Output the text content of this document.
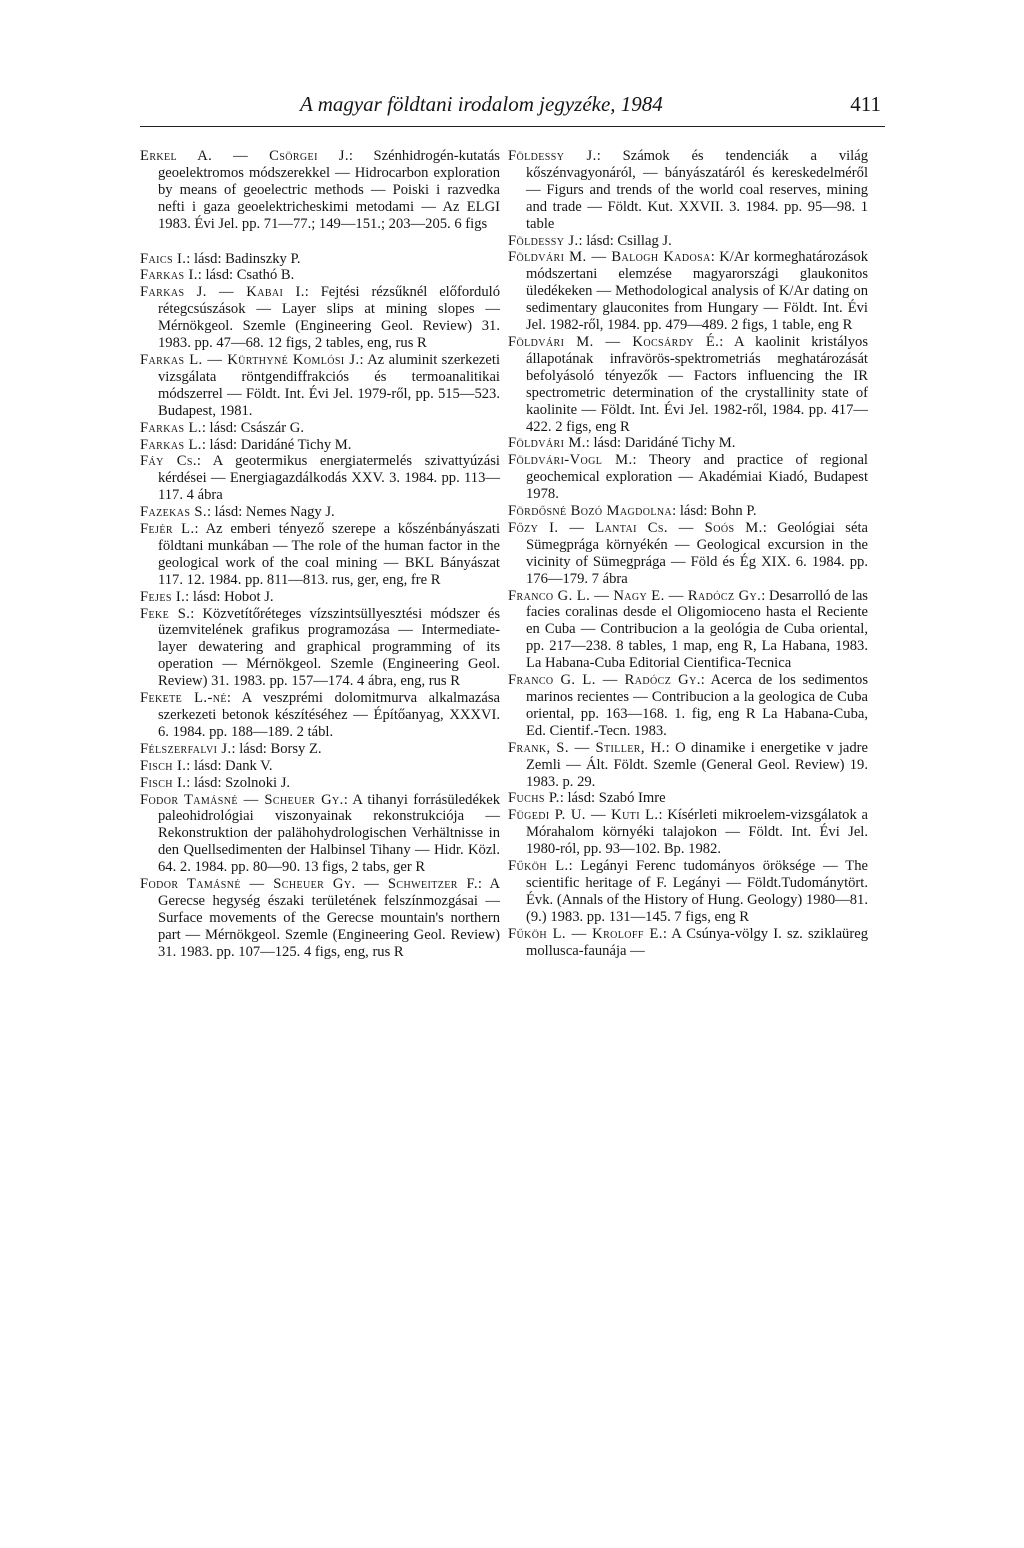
A magyar földtani irodalom jegyzéke, 1984	411

Erkel A. — Csörgei J.: Szénhidrogén-kutatás geoelektromos módszerekkel — Hidrocarbon exploration by means of geoelectric methods — Poiski i razvedka nefti i gaza geoelektricheskimi metodami — Az ELGI 1983. Évi Jel. pp. 71—77.; 149—151.; 203—205. 6 figs

Faics I.: lásd: Badinszky P.

Farkas I.: lásd: Csathó B.

Farkas J. — Kabai I.: Fejtési rézsűknél előforduló rétegcsúszások — Layer slips at mining slopes — Mérnökgeol. Szemle (Engineering Geol. Review) 31. 1983. pp. 47—68. 12 figs, 2 tables, eng, rus R

Farkas L. — Kürthyné Komlósi J.: Az aluminit szerkezeti vizsgálata röntgendiffrakciós és termoanalitikai módszerrel — Földt. Int. Évi Jel. 1979-ről, pp. 515—523. Budapest, 1981.

Farkas L.: lásd: Császár G.

Farkas L.: lásd: Daridáné Tichy M.

Fáy Cs.: A geotermikus energiatermelés szivattyúzási kérdései — Energiagazdálkodás XXV. 3. 1984. pp. 113—117. 4 ábra

Fazekas S.: lásd: Nemes Nagy J.

Fejér L.: Az emberi tényező szerepe a kőszénbányászati földtani munkában — The role of the human factor in the geological work of the coal mining — BKL Bányászat 117. 12. 1984. pp. 811—813. rus, ger, eng, fre R

Fejes I.: lásd: Hobot J.

Feke S.: Közvetítőréteges vízszintsüllyesztési módszer és üzemvitelének grafikus programozása — Intermediate-layer dewatering and graphical programming of its operation — Mérnökgeol. Szemle (Engineering Geol. Review) 31. 1983. pp. 157—174. 4 ábra, eng, rus R

Fekete L.-né: A veszprémi dolomitmurva alkalmazása szerkezeti betonok készítéséhez — Építőanyag, XXXVI. 6. 1984. pp. 188—189. 2 tábl.

Félszerfalvi J.: lásd: Borsy Z.

Fisch I.: lásd: Dank V.

Fisch I.: lásd: Szolnoki J.

Fodor Tamásné — Scheuer Gy.: A tihanyi forrásüledékek paleohidrológiai viszonyainak rekonstrukciója — Rekonstruktion der palähohydrologischen Verhältnisse in den Quellsedimenten der Halbinsel Tihany — Hidr. Közl. 64. 2. 1984. pp. 80—90. 13 figs, 2 tabs, ger R

Fodor Tamásné — Scheuer Gy. — Schweitzer F.: A Gerecse hegység északi területének felszínmozgásai — Surface movements of the Gerecse mountain's northern part — Mérnökgeol. Szemle (Engineering Geol. Review) 31. 1983. pp. 107—125. 4 figs, eng, rus R

Földessy J.: Számok és tendenciák a világ kőszénvagyonáról, — bányászatáról és kereskedelméről — Figurs and trends of the world coal reserves, mining and trade — Földt. Kut. XXVII. 3. 1984. pp. 95—98. 1 table

Földessy J.: lásd: Csillag J.

Földvári M. — Balogh Kadosa: K/Ar kormeghatározások módszertani elemzése magyarországi glaukonitos üledékeken — Methodological analysis of K/Ar dating on sedimentary glauconites from Hungary — Földt. Int. Évi Jel. 1982-ről, 1984. pp. 479—489. 2 figs, 1 table, eng R

Földvári M. — Kocsárdy É.: A kaolinit kristályos állapotának infravörös-spektrometriás meghatározását befolyásoló tényezők — Factors influencing the IR spectrometric determination of the crystallinity state of kaolinite — Földt. Int. Évi Jel. 1982-ről, 1984. pp. 417—422. 2 figs, eng R

Földvári M.: lásd: Daridáné Tichy M.

Földvári-Vogl M.: Theory and practice of regional geochemical exploration — Akadémiai Kiadó, Budapest 1978.

Fördősné Bozó Magdolna: lásd: Bohn P.

Főzy I. — Lantai Cs. — Soós M.: Geológiai séta Sümegprága környékén — Geological excursion in the vicinity of Sümegprága — Föld és Ég XIX. 6. 1984. pp. 176—179. 7 ábra

Franco G. L. — Nagy E. — Radócz Gy.: Desarrolló de las facies coralinas desde el Oligomioceno hasta el Reciente en Cuba — Contribucion a la geológia de Cuba oriental, pp. 217—238. 8 tables, 1 map, eng R, La Habana, 1983. La Habana-Cuba Editorial Cientifica-Tecnica

Franco G. L. — Radócz Gy.: Acerca de los sedimentos marinos recientes — Contribucion a la geologica de Cuba oriental, pp. 163—168. 1. fig, eng R La Habana-Cuba, Ed. Cientif.-Tecn. 1983.

Frank, S. — Stiller, H.: O dinamike i energetike v jadre Zemli — Ált. Földt. Szemle (General Geol. Review) 19. 1983. p. 29.

Fuchs P.: lásd: Szabó Imre

Fügedi P. U. — Kuti L.: Kísérleti mikroelem-vizsgálatok a Mórahalom környéki talajokon — Földt. Int. Évi Jel. 1980-ról, pp. 93—102. Bp. 1982.

Fűköh L.: Legányi Ferenc tudományos öröksége — The scientific heritage of F. Legányi — Földt.Tudománytört. Évk. (Annals of the History of Hung. Geology) 1980—81. (9.) 1983. pp. 131—145. 7 figs, eng R

Fűköh L. — Kroloff E.: A Csúnya-völgy I. sz. sziklaüreg mollusca-faunája —
